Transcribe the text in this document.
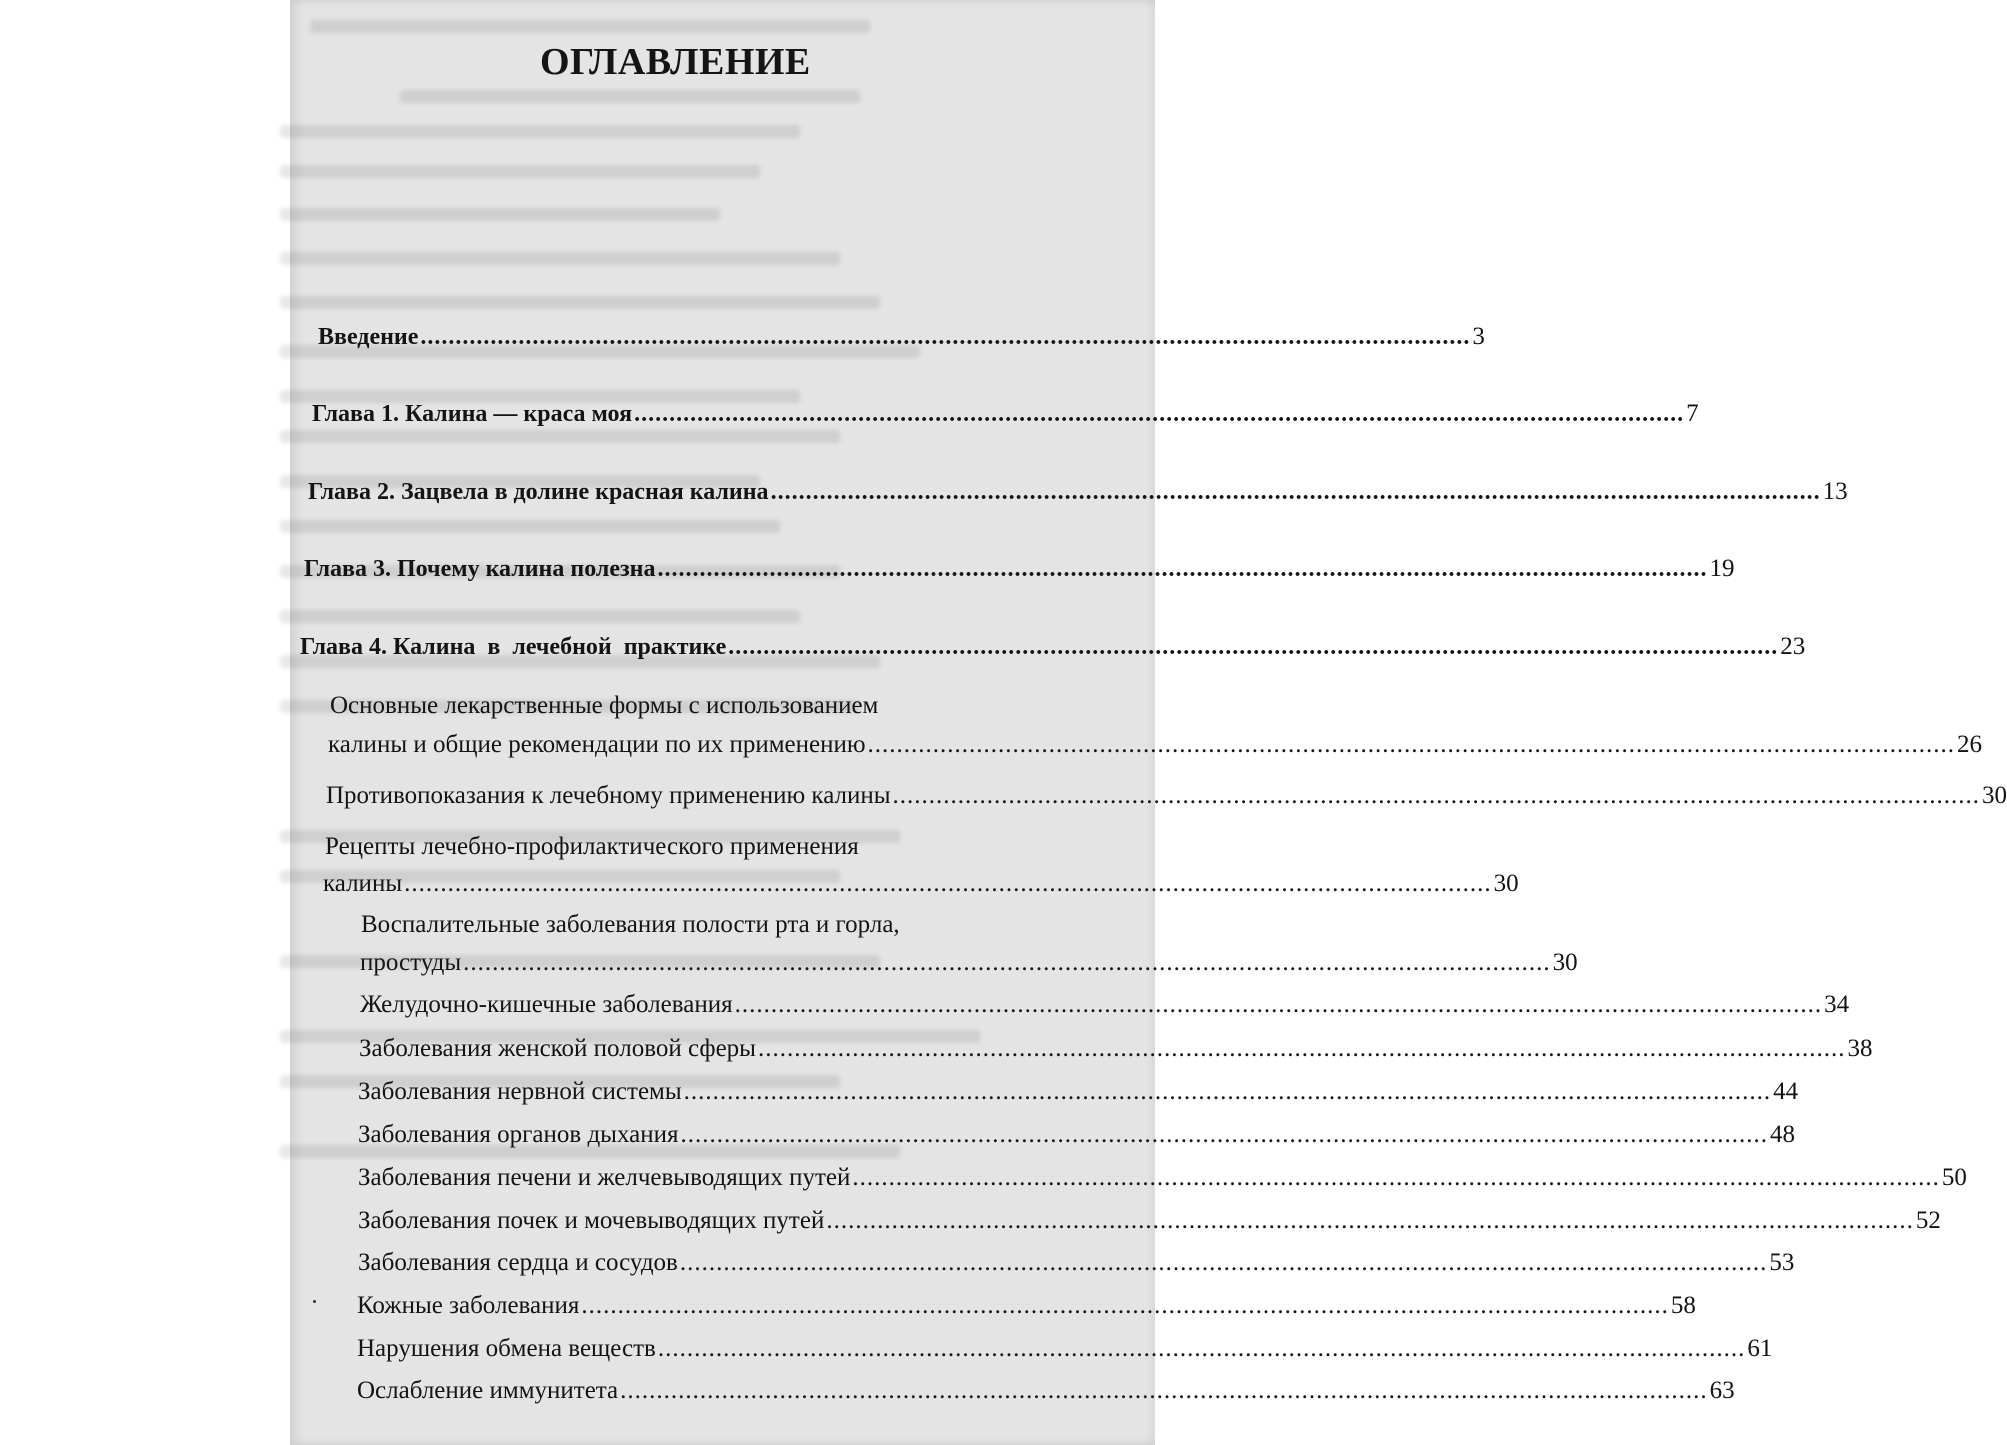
ОГЛАВЛЕНИЕ
Введение ...................................................................................................................................................... 3
Глава 1. Калина — краса моя ...................................................................................................................................................... 7
Глава 2. Зацвела в долине красная калина ...................................................................................................................................................... 13
Глава 3. Почему калина полезна ...................................................................................................................................................... 19
Глава 4. Калина  в  лечебной  практике ...................................................................................................................................................... 23
Основные лекарственные формы с использованием
калины и общие рекомендации по их применению ...................................................................................................................................................... 26
Противопоказания к лечебному применению калины ...................................................................................................................................................... 30
Рецепты лечебно-профилактического применения
калины ...................................................................................................................................................... 30
Воспалительные заболевания полости рта и горла,
простуды ...................................................................................................................................................... 30
Желудочно-кишечные заболевания ...................................................................................................................................................... 34
Заболевания женской половой сферы ...................................................................................................................................................... 38
Заболевания нервной системы ...................................................................................................................................................... 44
Заболевания органов дыхания ...................................................................................................................................................... 48
Заболевания печени и желчевыводящих путей ...................................................................................................................................................... 50
Заболевания почек и мочевыводящих путей ...................................................................................................................................................... 52
Заболевания сердца и сосудов ...................................................................................................................................................... 53
Кожные заболевания ...................................................................................................................................................... 58
Нарушения обмена веществ ...................................................................................................................................................... 61
Ослабление иммунитета ...................................................................................................................................................... 63
